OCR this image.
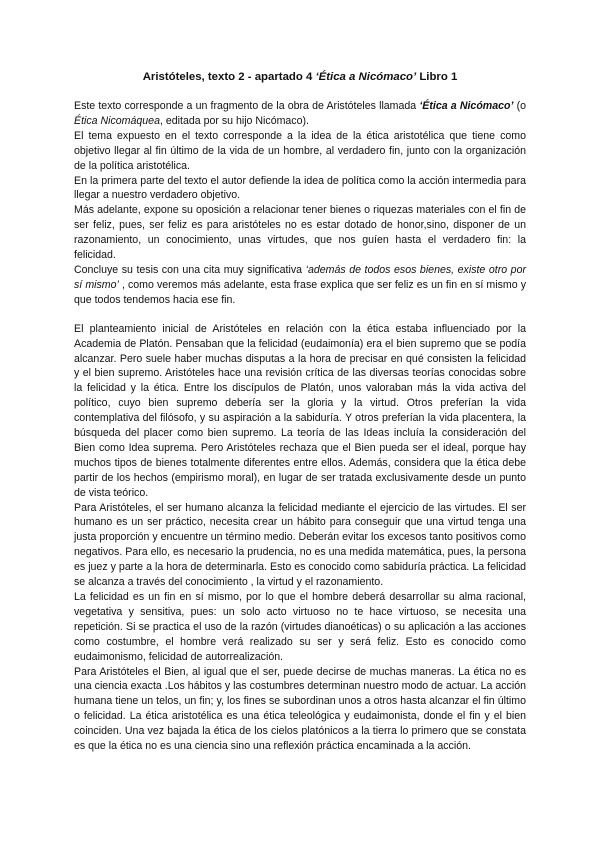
Aristóteles, texto 2 - apartado 4 ‘Ética a Nicómaco’ Libro 1

Este texto corresponde a un fragmento de la obra de Aristóteles llamada ‘Ética a Nicómaco’ (o Ética Nicomáquea, editada por su hijo Nicómaco).

El tema expuesto en el texto corresponde a la idea de la ética aristotélica que tiene como objetivo llegar al fin último de la vida de un hombre, al verdadero fin, junto con la organización de la política aristotélica.

En la primera parte del texto el autor defiende la idea de política como la acción intermedia para llegar a nuestro verdadero objetivo.

Más adelante, expone su oposición a relacionar tener bienes o riquezas materiales con el fin de ser feliz, pues, ser feliz es para aristóteles no es estar dotado de honor,sino, disponer de un razonamiento, un conocimiento, unas virtudes, que nos guíen hasta el verdadero fin: la felicidad.

Concluye su tesis con una cita muy significativa ‘además de todos esos bienes, existe otro por sí mismo’ , como veremos más adelante, esta frase explica que ser feliz es un fin en sí mismo y que todos tendemos hacia ese fin.

El planteamiento inicial de Aristóteles en relación con la ética estaba influenciado por la Academia de Platón. Pensaban que la felicidad (eudaimonía) era el bien supremo que se podía alcanzar. Pero suele haber muchas disputas a la hora de precisar en qué consisten la felicidad y el bien supremo. Aristóteles hace una revisión crítica de las diversas teorías conocidas sobre la felicidad y la ética. Entre los discípulos de Platón, unos valoraban más la vida activa del político, cuyo bien supremo debería ser la gloria y la virtud. Otros preferían la vida contemplativa del filósofo, y su aspiración a la sabiduría. Y otros preferían la vida placentera, la búsqueda del placer como bien supremo. La teoría de las Ideas incluía la consideración del Bien como Idea suprema. Pero Aristóteles rechaza que el Bien pueda ser el ideal, porque hay muchos tipos de bienes totalmente diferentes entre ellos. Además, considera que la ética debe partir de los hechos (empirismo moral), en lugar de ser tratada exclusivamente desde un punto de vista teórico.

Para Aristóteles, el ser humano alcanza la felicidad mediante el ejercicio de las virtudes. El ser humano es un ser práctico, necesita crear un hábito para conseguir que una virtud tenga una justa proporción y encuentre un término medio. Deberán evitar los excesos tanto positivos como negativos. Para ello, es necesario la prudencia, no es una medida matemática, pues, la persona es juez y parte a la hora de determinarla. Esto es conocido como sabiduría práctica. La felicidad se alcanza a través del conocimiento , la virtud y el razonamiento.

La felicidad es un fin en sí mismo, por lo que el hombre deberá desarrollar su alma racional, vegetativa y sensitiva, pues: un solo acto virtuoso no te hace virtuoso, se necesita una repetición. Si se practica el uso de la razón (virtudes dianoéticas) o su aplicación a las acciones como costumbre, el hombre verá realizado su ser y será feliz. Esto es conocido como eudaimonismo, felicidad de autorrealización.

Para Aristóteles el Bien, al igual que el ser, puede decirse de muchas maneras. La ética no es una ciencia exacta .Los hábitos y las costumbres determinan nuestro modo de actuar. La acción humana tiene un telos, un fin; y, los fines se subordinan unos a otros hasta alcanzar el fin último o felicidad. La ética aristotélica es una ética teleológica y eudaimonista, donde el fin y el bien coinciden. Una vez bajada la ética de los cielos platónicos a la tierra lo primero que se constata es que la ética no es una ciencia sino una reflexión práctica encaminada a la acción.
